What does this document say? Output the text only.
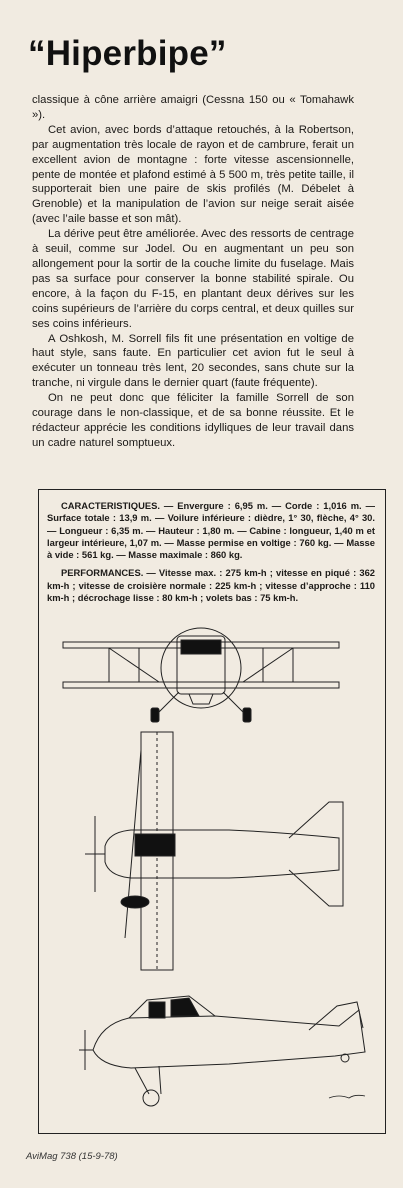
“Hiperbipe”

classique à cône arrière amaigri (Cessna 150 ou « Tomahawk »).

Cet avion, avec bords d’attaque retouchés, à la Robertson, par augmentation très locale de rayon et de cambrure, ferait un excellent avion de montagne : forte vitesse ascensionnelle, pente de montée et plafond estimé à 5 500 m, très petite taille, il supporterait bien une paire de skis profilés (M. Débelet à Grenoble) et la manipulation de l’avion sur neige serait aisée (avec l’aile basse et son mât).

La dérive peut être améliorée. Avec des ressorts de centrage à seuil, comme sur Jodel. Ou en augmentant un peu son allongement pour la sortir de la couche limite du fuselage. Mais pas sa surface pour conserver la bonne stabilité spirale. Ou encore, à la façon du F-15, en plantant deux dérives sur les coins supérieurs de l’arrière du corps central, et deux quilles sur ses coins inférieurs.

A Oshkosh, M. Sorrell fils fit une présentation en voltige de haut style, sans faute. En particulier cet avion fut le seul à exécuter un tonneau très lent, 20 secondes, sans chute sur la tranche, ni virgule dans le dernier quart (faute fréquente).

On ne peut donc que féliciter la famille Sorrell de son courage dans le non-classique, et de sa bonne réussite. Et le rédacteur apprécie les conditions idylliques de leur travail dans un cadre naturel somptueux.

CARACTERISTIQUES. — Envergure : 6,95 m. — Corde : 1,016 m. — Surface totale : 13,9 m. — Voilure inférieure : dièdre, 1° 30, flèche, 4° 30. — Longueur : 6,35 m. — Hauteur : 1,80 m. — Cabine : longueur, 1,40 m et largeur intérieure, 1,07 m. — Masse permise en voltige : 760 kg. — Masse à vide : 561 kg. — Masse maximale : 860 kg.

PERFORMANCES. — Vitesse max. : 275 km-h ; vitesse en piqué : 362 km-h ; vitesse de croisière normale : 225 km-h ; vitesse d’approche : 110 km-h ; décrochage lisse : 80 km-h ; volets bas : 75 km-h.

AviMag 738 (15-9-78)
